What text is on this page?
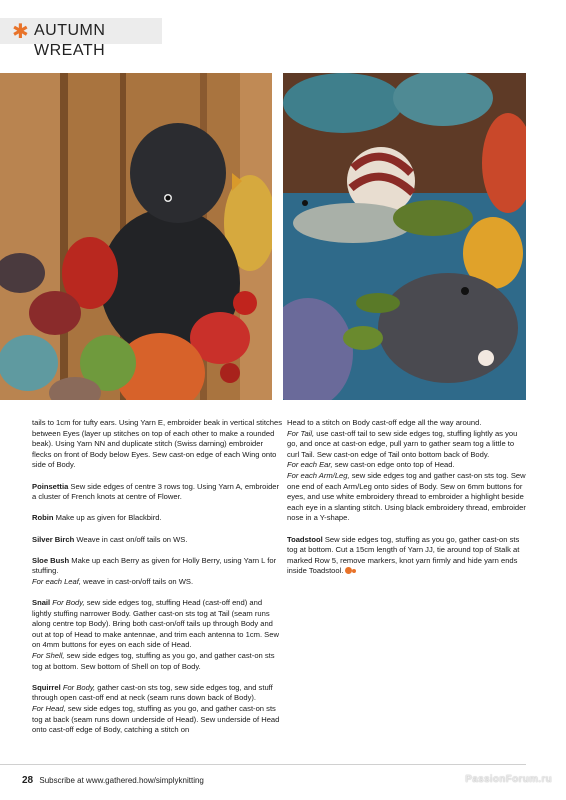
✱ AUTUMN WREATH

tails to 1cm for tufty ears. Using Yarn E, embroider beak in vertical stitches between Eyes (layer up stitches on top of each other to make a rounded beak). Using Yarn NN and duplicate stitch (Swiss darning) embroider flecks on front of Body below Eyes. Sew cast-on edge of each Wing onto side of Body.

Poinsettia Sew side edges of centre 3 rows tog. Using Yarn A, embroider a cluster of French knots at centre of Flower.

Robin Make up as given for Blackbird.

Silver Birch Weave in cast on/off tails on WS.

Sloe Bush Make up each Berry as given for Holly Berry, using Yarn L for stuffing.
For each Leaf, weave in cast-on/off tails on WS.

Snail For Body, sew side edges tog, stuffing Head (cast-off end) and lightly stuffing narrower Body. Gather cast-on sts tog at Tail (seam runs along centre top Body). Bring both cast-on/off tails up through Body and out at top of Head to make antennae, and trim each antenna to 1cm. Sew on 4mm buttons for eyes on each side of Head.
For Shell, sew side edges tog, stuffing as you go, and gather cast-on sts tog at bottom. Sew bottom of Shell on top of Body.

Squirrel For Body, gather cast-on sts tog, sew side edges tog, and stuff through open cast-off end at neck (seam runs down back of Body).
For Head, sew side edges tog, stuffing as you go, and gather cast-on sts tog at back (seam runs down underside of Head). Sew underside of Head onto cast-off edge of Body, catching a stitch on

Head to a stitch on Body cast-off edge all the way around.
For Tail, use cast-off tail to sew side edges tog, stuffing lightly as you go, and once at cast-on edge, pull yarn to gather seam tog a little to curl Tail. Sew cast-on edge of Tail onto bottom back of Body.
For each Ear, sew cast-on edge onto top of Head.
For each Arm/Leg, sew side edges tog and gather cast-on sts tog. Sew one end of each Arm/Leg onto sides of Body. Sew on 6mm buttons for eyes, and use white embroidery thread to embroider a highlight beside each eye in a slanting stitch. Using black embroidery thread, embroider nose in a Y-shape.

Toadstool Sew side edges tog, stuffing as you go, gather cast-on sts tog at bottom. Cut a 15cm length of Yarn JJ, tie around top of Stalk at marked Row 5, remove markers, knot yarn firmly and hide yarn ends inside Toadstool.

28 Subscribe at www.gathered.how/simplyknitting	PassionForum.ru
